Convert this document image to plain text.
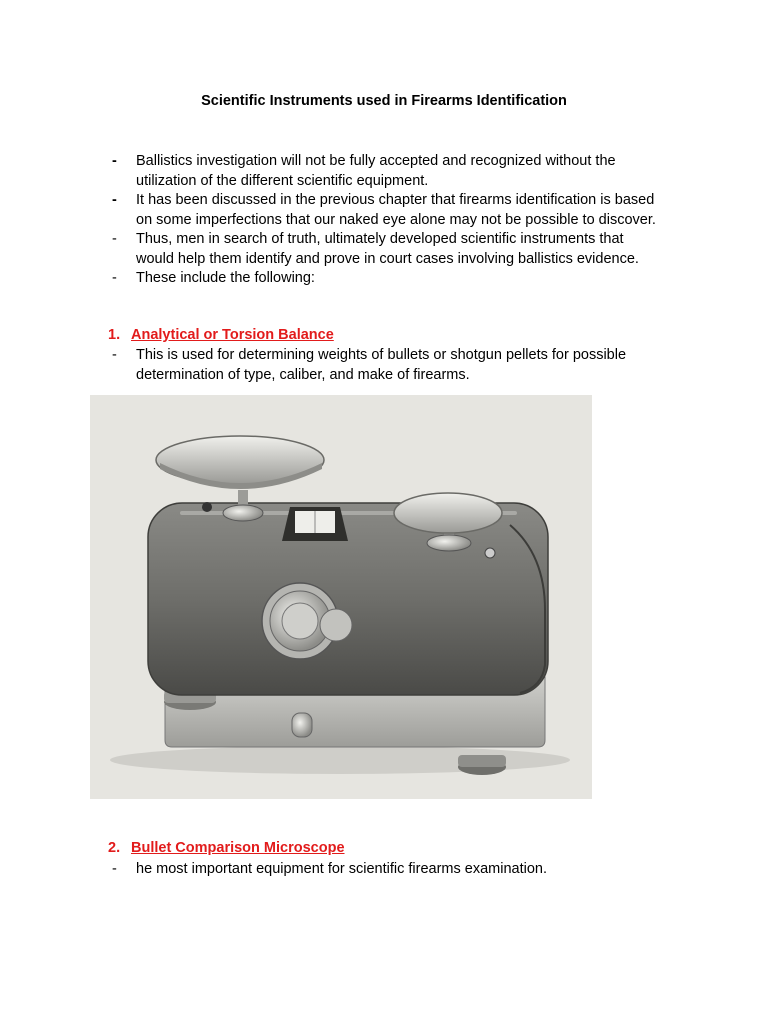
Scientific Instruments used in Firearms Identification
- Ballistics investigation will not be fully accepted and recognized without the
utilization of the different scientific equipment.
- It has been discussed in the previous chapter that firearms identification is based
on some imperfections that our naked eye alone may not be possible to discover.
- Thus, men in search of truth, ultimately developed scientific instruments that
would help them identify and prove in court cases involving ballistics evidence.
- These include the following:
1. Analytical or Torsion Balance
- This is used for determining weights of bullets or shotgun pellets for possible
determination of type, caliber, and make of firearms.
2. Bullet Comparison Microscope
- he most important equipment for scientific firearms examination.
